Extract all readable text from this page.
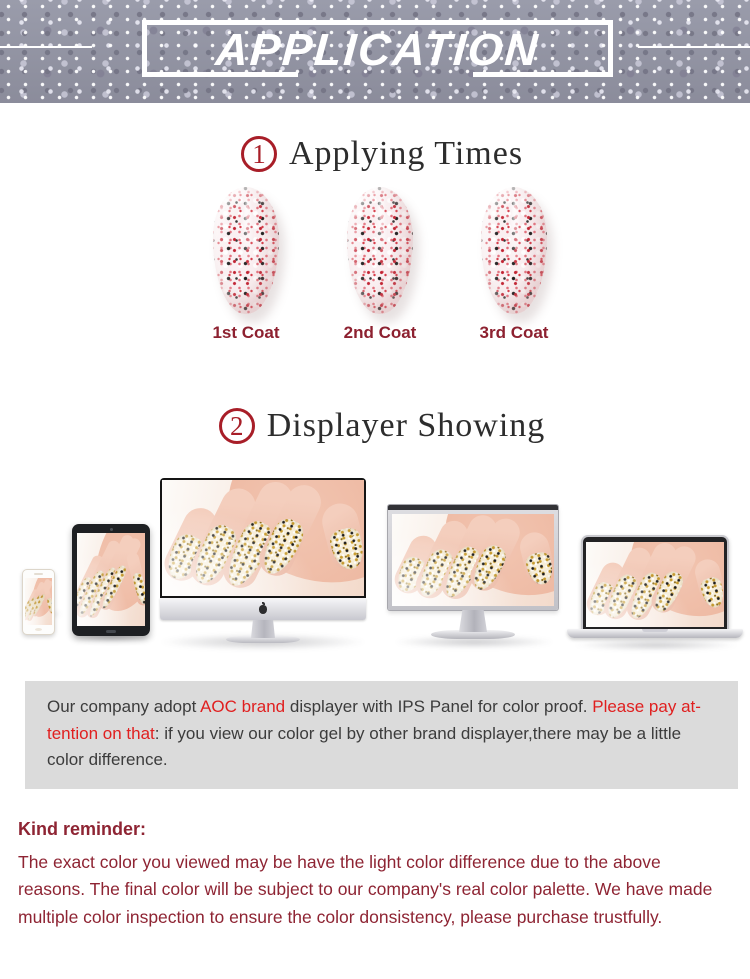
APPLICATION
1 Applying Times
1st Coat	2nd Coat	3rd Coat
2 Displayer Showing
Our company adopt AOC brand displayer with IPS Panel for color proof. Please pay at-
tention on that: if you view our color gel by other brand displayer,there may be a little
color difference.
Kind reminder:
The exact color you viewed may be have the light color difference due to the above
reasons. The final color will be subject to our company's real color palette. We have made
multiple color inspection to ensure the color donsistency, please purchase trustfully.
